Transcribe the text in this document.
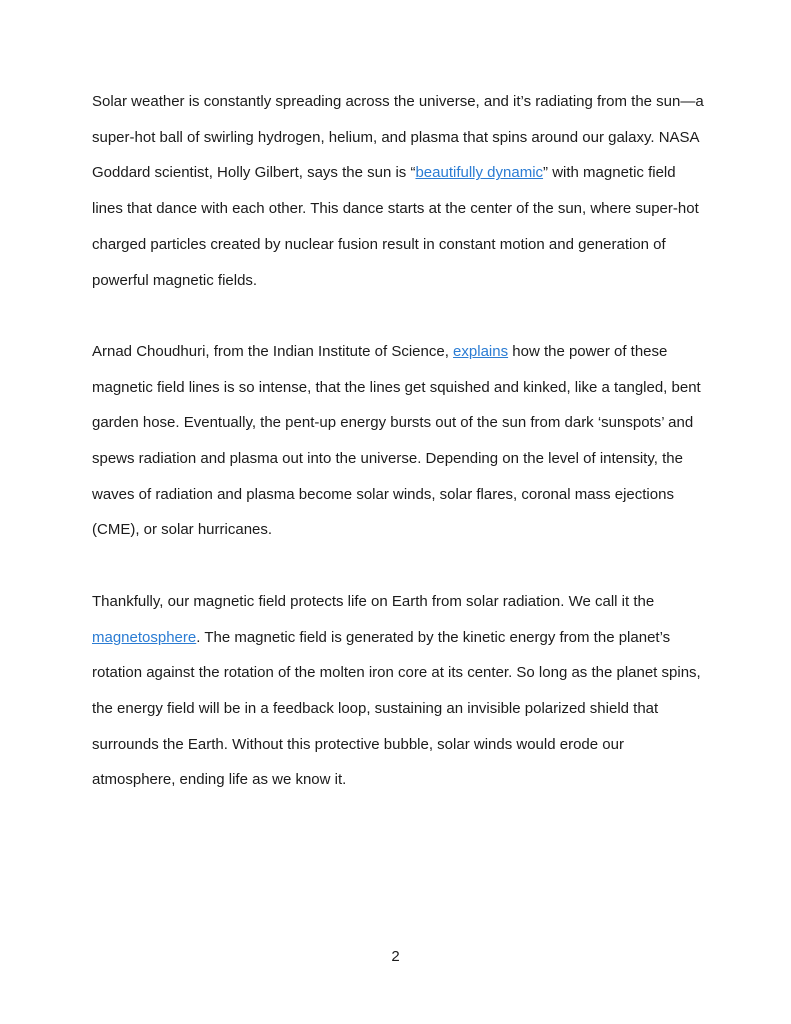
Solar weather is constantly spreading across the universe, and it’s radiating from the sun—a super-hot ball of swirling hydrogen, helium, and plasma that spins around our galaxy. NASA Goddard scientist, Holly Gilbert, says the sun is “beautifully dynamic” with magnetic field lines that dance with each other. This dance starts at the center of the sun, where super-hot charged particles created by nuclear fusion result in constant motion and generation of powerful magnetic fields.

Arnad Choudhuri, from the Indian Institute of Science, explains how the power of these magnetic field lines is so intense, that the lines get squished and kinked, like a tangled, bent garden hose. Eventually, the pent-up energy bursts out of the sun from dark ‘sunspots’ and spews radiation and plasma out into the universe. Depending on the level of intensity, the waves of radiation and plasma become solar winds, solar flares, coronal mass ejections (CME), or solar hurricanes.

Thankfully, our magnetic field protects life on Earth from solar radiation. We call it the magnetosphere. The magnetic field is generated by the kinetic energy from the planet’s rotation against the rotation of the molten iron core at its center. So long as the planet spins, the energy field will be in a feedback loop, sustaining an invisible polarized shield that surrounds the Earth. Without this protective bubble, solar winds would erode our atmosphere, ending life as we know it.

2
